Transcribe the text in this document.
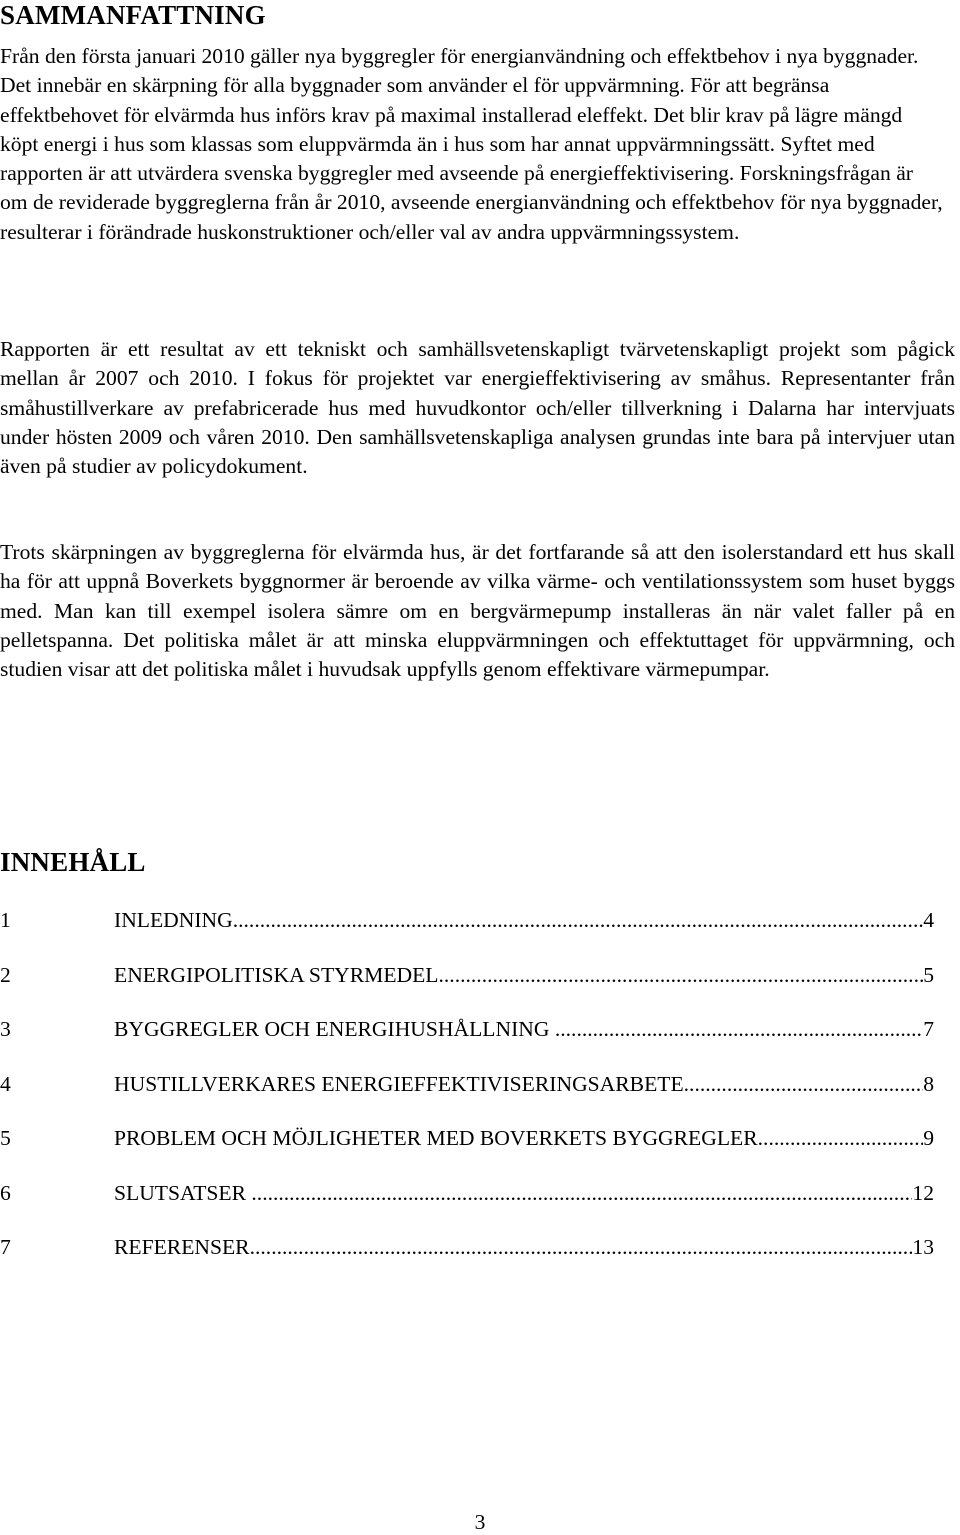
SAMMANFATTNING

Från den första januari 2010 gäller nya byggregler för energianvändning och effektbehov i nya byggnader. Det innebär en skärpning för alla byggnader som använder el för uppvärmning. För att begränsa effektbehovet för elvärmda hus införs krav på maximal installerad eleffekt. Det blir krav på lägre mängd köpt energi i hus som klassas som eluppvärmda än i hus som har annat uppvärmningssätt. Syftet med rapporten är att utvärdera svenska byggregler med avseende på energieffektivisering. Forskningsfrågan är om de reviderade byggreglerna från år 2010, avseende energianvändning och effektbehov för nya byggnader, resulterar i förändrade huskonstruktioner och/eller val av andra uppvärmningssystem.

Rapporten är ett resultat av ett tekniskt och samhällsvetenskapligt tvärvetenskapligt projekt som pågick mellan år 2007 och 2010. I fokus för projektet var energieffektivisering av småhus. Representanter från småhustillverkare av prefabricerade hus med huvudkontor och/eller tillverkning i Dalarna har intervjuats under hösten 2009 och våren 2010. Den samhällsvetenskapliga analysen grundas inte bara på intervjuer utan även på studier av policydokument.

Trots skärpningen av byggreglerna för elvärmda hus, är det fortfarande så att den isolerstandard ett hus skall ha för att uppnå Boverkets byggnormer är beroende av vilka värme- och ventilationssystem som huset byggs med. Man kan till exempel isolera sämre om en bergvärmepump installeras än när valet faller på en pelletspanna. Det politiska målet är att minska eluppvärmningen och effektuttaget för uppvärmning, och studien visar att det politiska målet i huvudsak uppfylls genom effektivare värmepumpar.

INNEHÅLL
1	INLEDNING .....	4
2	ENERGIPOLITISKA STYRMEDEL .....	5
3	BYGGREGLER OCH ENERGIHUSHÅLLNING .....	7
4	HUSTILLVERKARES ENERGIEFFEKTIVISERINGSARBETE .....	8
5	PROBLEM OCH MÖJLIGHETER MED BOVERKETS BYGGREGLER .....	9
6	SLUTSATSER .....	12
7	REFERENSER .....	13

3
